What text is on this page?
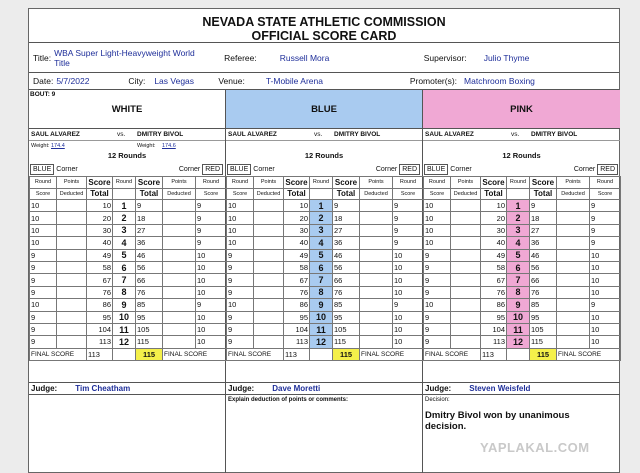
NEVADA STATE ATHLETIC COMMISSION
OFFICIAL SCORE CARD
Title: WBA Super Light-Heavyweight World Title	Referee:	Russell Mora	Supervisor: Julio Thyme
Date: 5/7/2022	City: Las Vegas	Venue: T-Mobile Arena	Promoter(s): Matchroom Boxing
WHITE
BOUT: 9
SAUL ALVAREZ	vs. DMITRY BIVOL
Weight: 174.4	Weight: 174.6
12 Rounds
BLUE Corner	Corner RED
Round	Points	Score	Round	Score	Points	Round
Score	Deducted	Total		Total	Deducted	Score
10		10	1	9		9
10		20	2	18		9
10		30	3	27		9
10		40	4	36		9
9		49	5	46		10
9		58	6	56		10
9		67	7	66		10
9		76	8	76		10
10		86	9	85		9
9		95	10	95		10
9		104	11	105		10
9		113	12	115		10
FINAL SCORE		113		115	FINAL SCORE	
Judge: Tim Cheatham
BLUE
SAUL ALVAREZ	vs. DMITRY BIVOL
12 Rounds
BLUE Corner	Corner RED
Round	Points	Score	Round	Score	Points	Round
Score	Deducted	Total		Total	Deducted	Score
10		10	1	9		9
10		20	2	18		9
10		30	3	27		9
10		40	4	36		9
9		49	5	46		10
9		58	6	56		10
9		67	7	66		10
9		76	8	76		10
10		86	9	85		9
9		95	10	95		10
9		104	11	105		10
9		113	12	115		10
FINAL SCORE		113		115	FINAL SCORE	
Judge: Dave Moretti
Explain deduction of points or comments:
PINK
SAUL ALVAREZ	vs. DMITRY BIVOL
12 Rounds
BLUE Corner	Corner RED
Round	Points	Score	Round	Score	Points	Round
Score	Deducted	Total		Total	Deducted	Score
10		10	1	9		9
10		20	2	18		9
10		30	3	27		9
10		40	4	36		9
9		49	5	46		10
9		58	6	56		10
9		67	7	66		10
9		76	8	76		10
10		86	9	85		9
9		95	10	95		10
9		104	11	105		10
9		113	12	115		10
FINAL SCORE		113		115	FINAL SCORE	
Judge: Steven Weisfeld
Decision:
Dmitry Bivol won by unanimous decision.
YAPLAKAL.COM
